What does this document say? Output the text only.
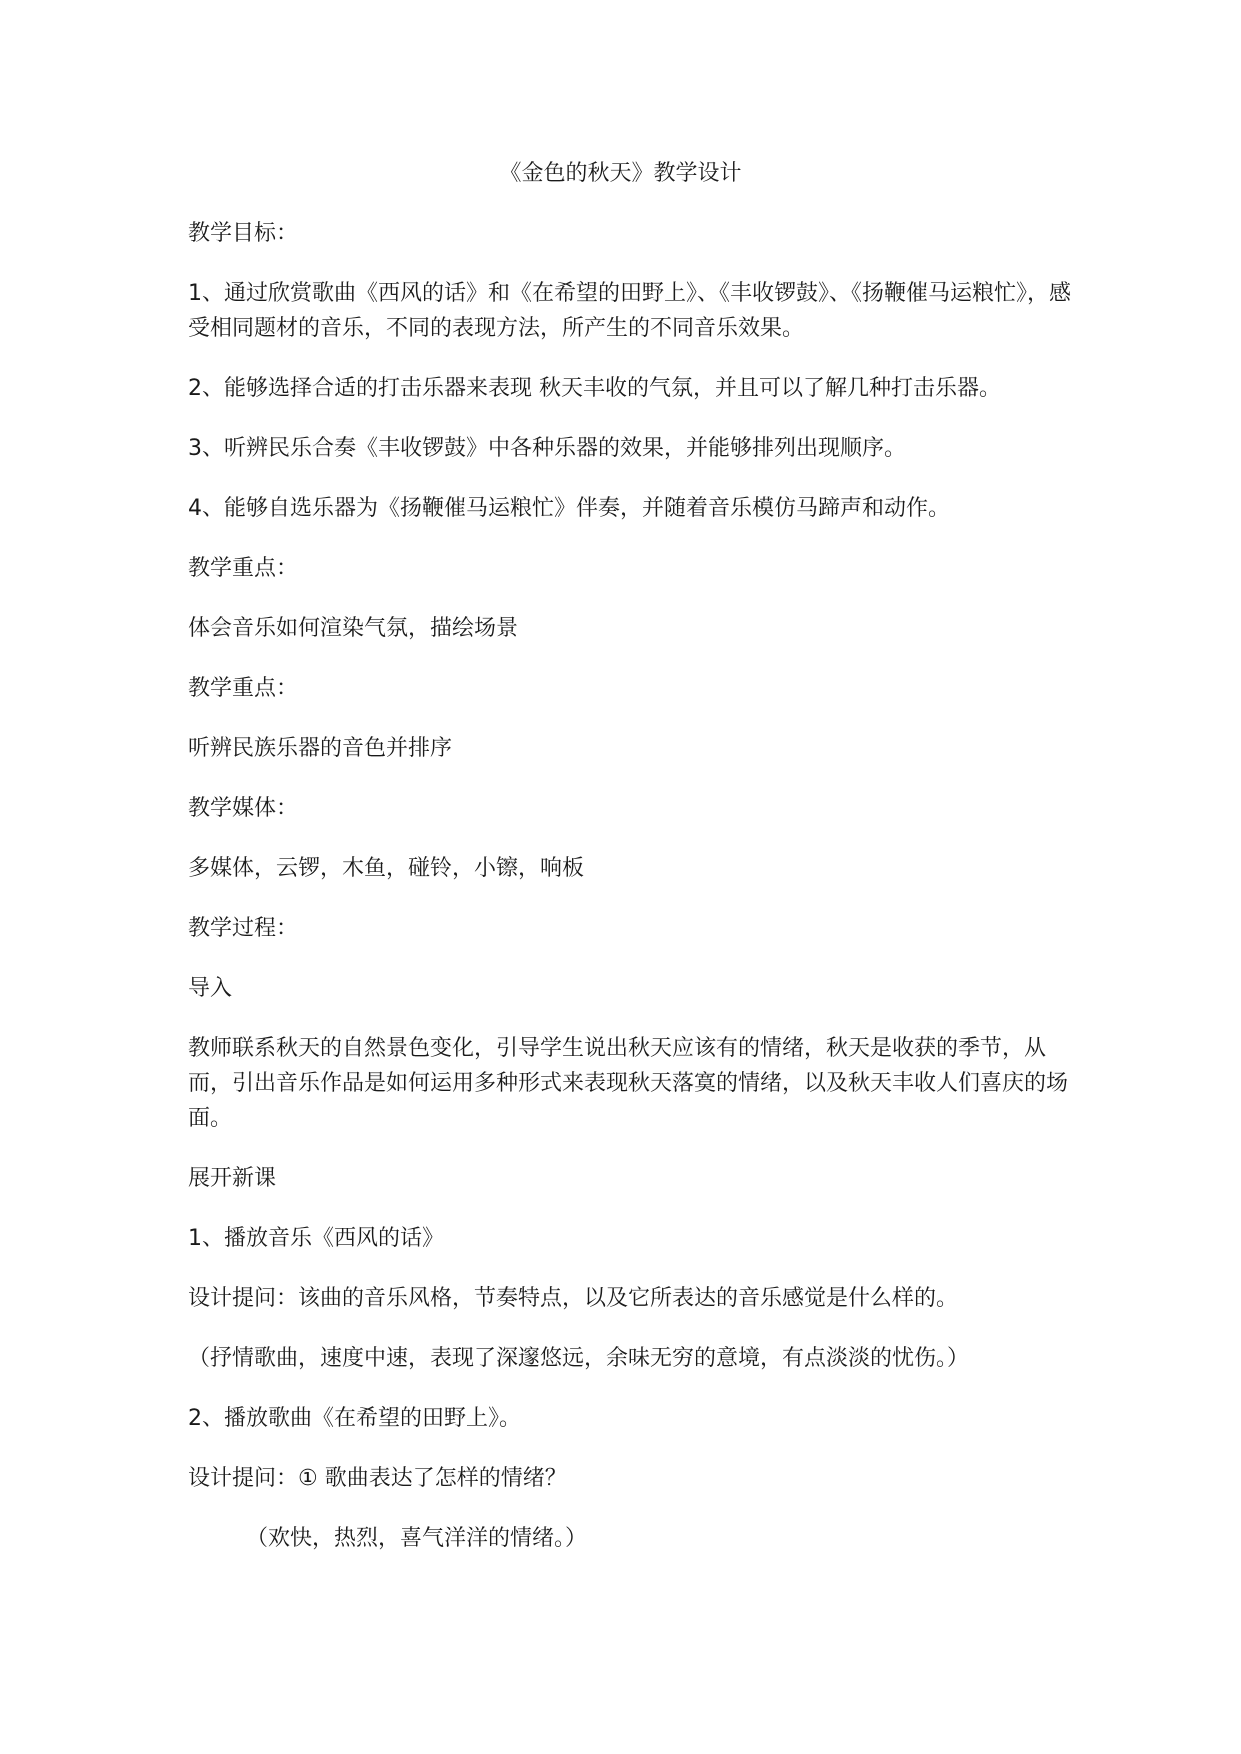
《金色的秋天》教学设计

教学目标：

1、通过欣赏歌曲《西风的话》和《在希望的田野上》、《丰收锣鼓》、《扬鞭催马运粮忙》，感受相同题材的音乐，不同的表现方法，所产生的不同音乐效果。

2、能够选择合适的打击乐器来表现 秋天丰收的气氛，并且可以了解几种打击乐器。

3、听辨民乐合奏《丰收锣鼓》中各种乐器的效果，并能够排列出现顺序。

4、能够自选乐器为《扬鞭催马运粮忙》伴奏，并随着音乐模仿马蹄声和动作。

教学重点：

体会音乐如何渲染气氛，描绘场景

教学重点：

听辨民族乐器的音色并排序

教学媒体：

多媒体，云锣，木鱼，碰铃，小镲，响板

教学过程：

导入

教师联系秋天的自然景色变化，引导学生说出秋天应该有的情绪，秋天是收获的季节，从而，引出音乐作品是如何运用多种形式来表现秋天落寞的情绪，以及秋天丰收人们喜庆的场面。

展开新课

1、播放音乐《西风的话》

设计提问：该曲的音乐风格，节奏特点，以及它所表达的音乐感觉是什么样的。

（抒情歌曲，速度中速，表现了深邃悠远，余味无穷的意境，有点淡淡的忧伤。）

2、播放歌曲《在希望的田野上》。

设计提问：① 歌曲表达了怎样的情绪？

（欢快，热烈，喜气洋洋的情绪。）
